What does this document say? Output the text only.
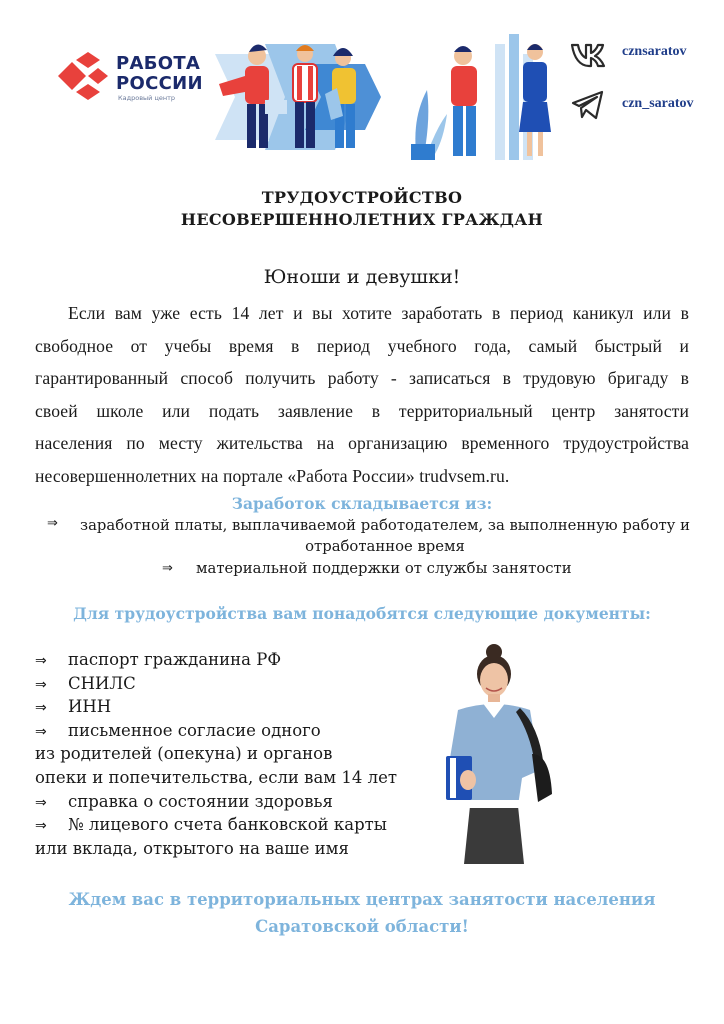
РАБОТА
РОССИИ
Кадровый центр
cznsaratov
czn_saratov
ТРУДОУСТРОЙСТВО
НЕСОВЕРШЕННОЛЕТНИХ ГРАЖДАН
Юноши и девушки!

Если вам уже есть 14 лет и вы хотите заработать в период каникул или в
свободное от учебы время в период учебного года, самый быстрый и
гарантированный способ получить работу - записаться в трудовую бригаду в
своей школе или подать заявление в территориальный центр занятости
населения по месту жительства на организацию временного трудоустройства
несовершеннолетних на портале «Работа России» trudvsem.ru.

Заработок складывается из:
⇒ заработной платы, выплачиваемой работодателем, за выполненную работу и отработанное время
⇒ материальной поддержки от службы занятости
Для трудоустройства вам понадобятся следующие документы:
⇒ паспорт гражданина РФ
⇒ СНИЛС
⇒ ИНН
⇒ письменное согласие одного
из родителей (опекуна) и органов
опеки и попечительства, если вам 14 лет
⇒ справка о состоянии здоровья
⇒ № лицевого счета банковской карты
или вклада, открытого на ваше имя
Ждем вас в территориальных центрах занятости населения Саратовской области!
